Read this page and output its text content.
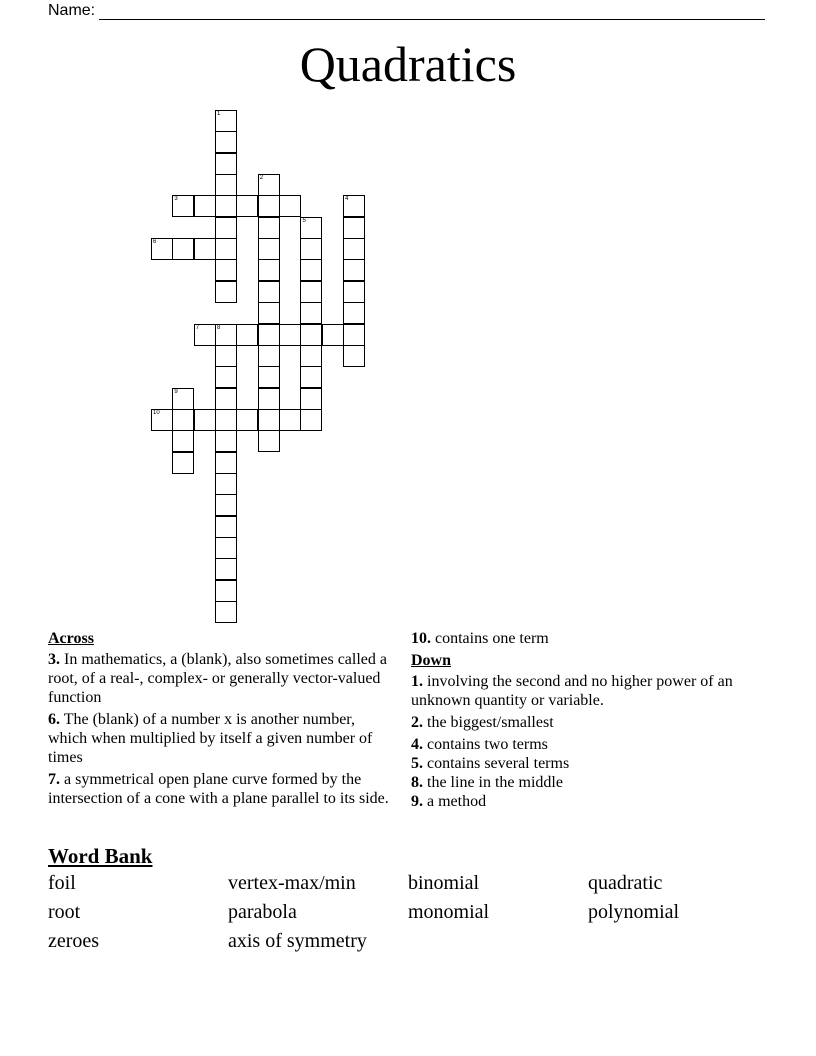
Name:
Quadratics
1
2
3	4
5
6
7	8
9
10
Across
3. In mathematics, a (blank), also sometimes called a root, of a real-, complex- or generally vector-valued function
6. The (blank) of a number x is another number, which when multiplied by itself a given number of times
7. a symmetrical open plane curve formed by the intersection of a cone with a plane parallel to its side.
10. contains one term
Down
1. involving the second and no higher power of an unknown quantity or variable.
2. the biggest/smallest
4. contains two terms
5. contains several terms
8. the line in the middle
9. a method
Word Bank
foil	vertex-max/min	binomial	quadratic
root	parabola	monomial	polynomial
zeroes	axis of symmetry
